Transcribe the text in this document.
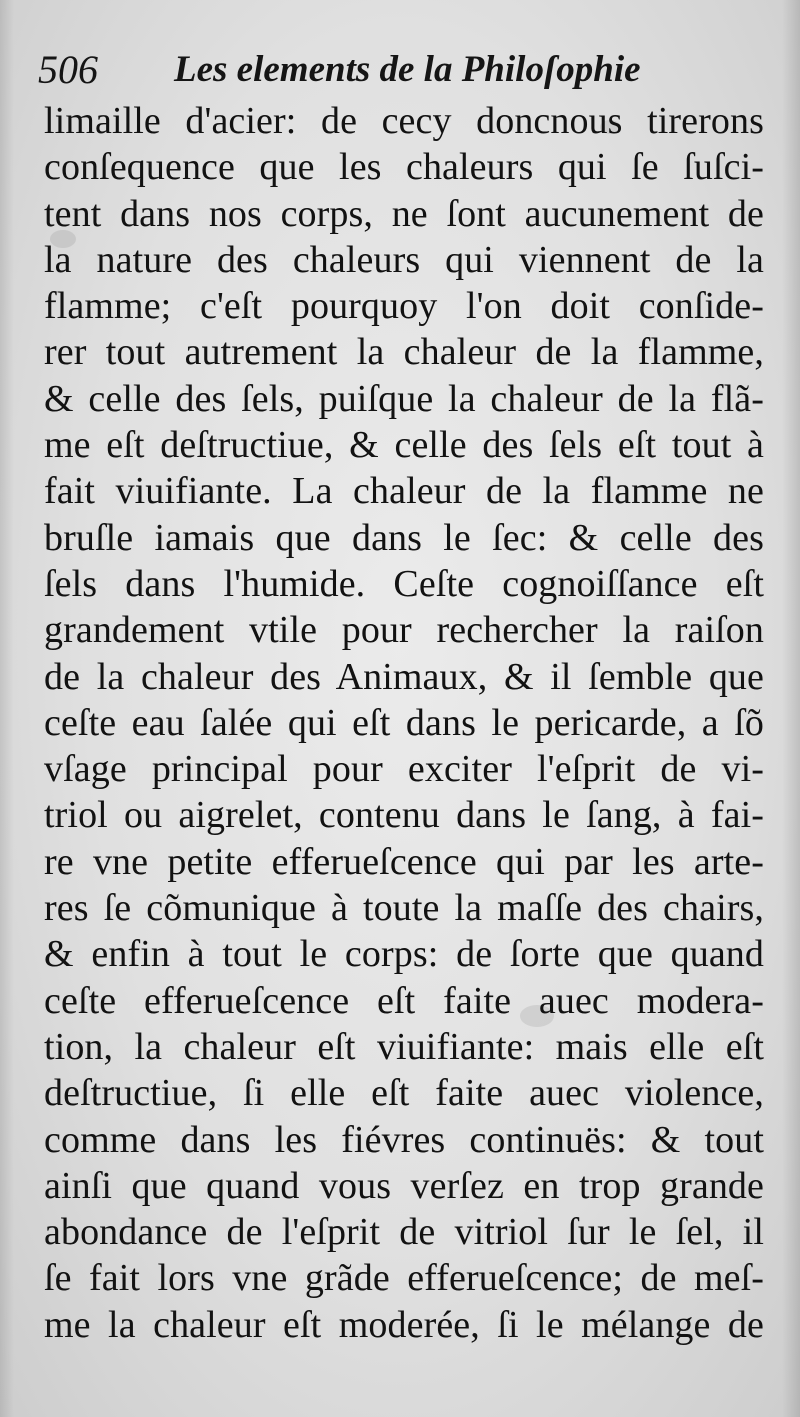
506 Les elements de la Philoſophie
limaille d'acier: de cecy doncnous tirerons
conſequence que les chaleurs qui ſe ſuſci-
tent dans nos corps, ne ſont aucunement de
la nature des chaleurs qui viennent de la
flamme; c'eſt pourquoy l'on doit conſide-
rer tout autrement la chaleur de la flamme,
& celle des ſels, puiſque la chaleur de la flã-
me eſt deſtructiue, & celle des ſels eſt tout à
fait viuifiante. La chaleur de la flamme ne
bruſle iamais que dans le ſec: & celle des
ſels dans l'humide. Ceſte cognoiſſance eſt
grandement vtile pour rechercher la raiſon
de la chaleur des Animaux, & il ſemble que
ceſte eau ſalée qui eſt dans le pericarde, a ſõ
vſage principal pour exciter l'eſprit de vi-
triol ou aigrelet, contenu dans le ſang, à fai-
re vne petite efferueſcence qui par les arte-
res ſe cõmunique à toute la maſſe des chairs,
& enfin à tout le corps: de ſorte que quand
ceſte efferueſcence eſt faite auec modera-
tion, la chaleur eſt viuifiante: mais elle eſt
deſtructiue, ſi elle eſt faite auec violence,
comme dans les fiévres continuës: & tout
ainſi que quand vous verſez en trop grande
abondance de l'eſprit de vitriol ſur le ſel, il
ſe fait lors vne grãde efferueſcence; de meſ-
me la chaleur eſt moderée, ſi le mélange de
